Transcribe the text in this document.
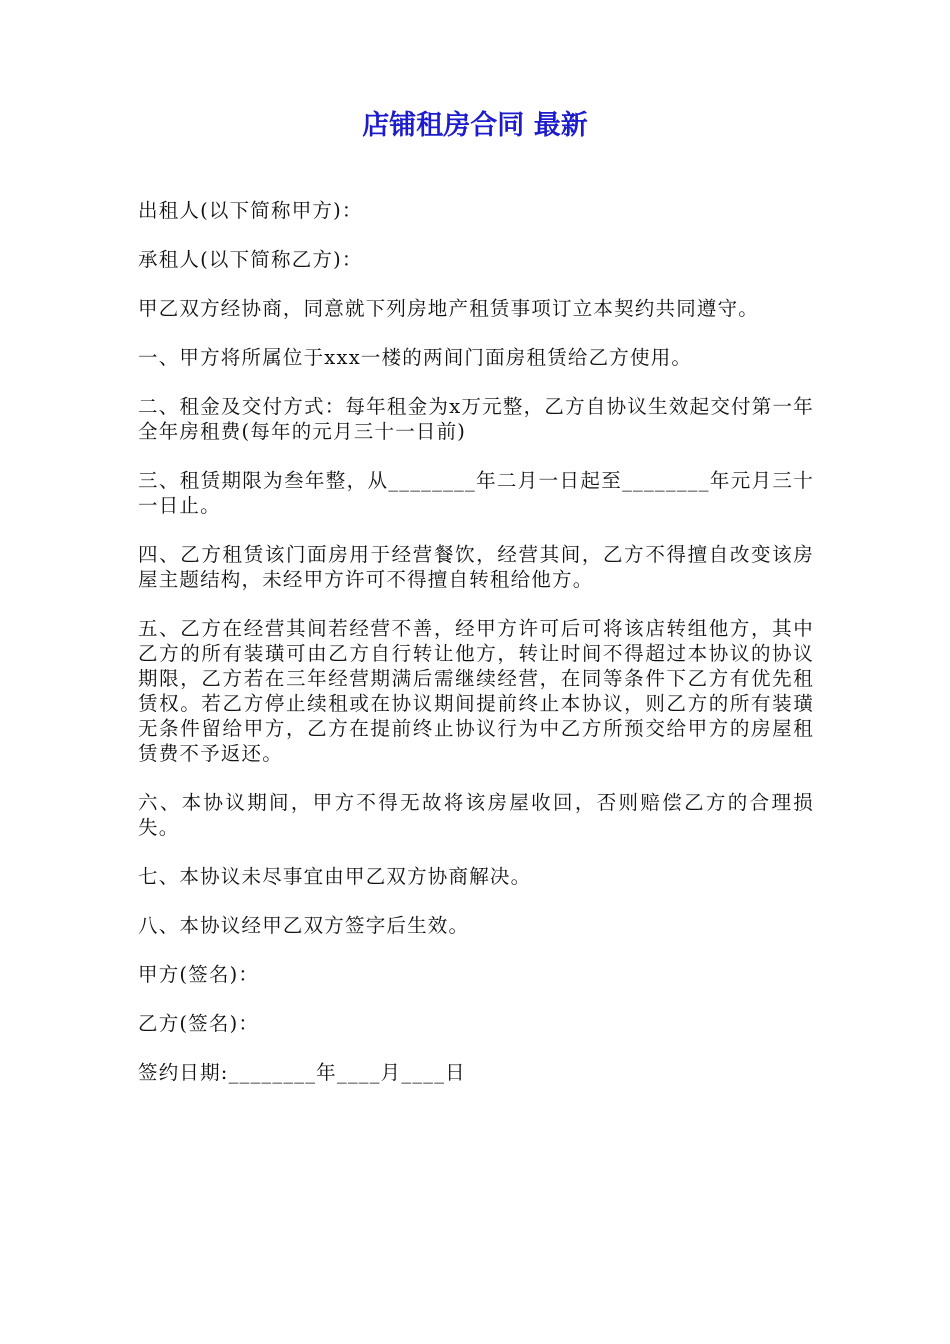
店铺租房合同 最新

出租人(以下简称甲方)：

承租人(以下简称乙方)：

甲乙双方经协商，同意就下列房地产租赁事项订立本契约共同遵守。

一、甲方将所属位于xxx一楼的两间门面房租赁给乙方使用。

二、租金及交付方式：每年租金为x万元整，乙方自协议生效起交付第一年全年房租费(每年的元月三十一日前)

三、租赁期限为叁年整，从________年二月一日起至________年元月三十一日止。

四、乙方租赁该门面房用于经营餐饮，经营其间，乙方不得擅自改变该房屋主题结构，未经甲方许可不得擅自转租给他方。

五、乙方在经营其间若经营不善，经甲方许可后可将该店转组他方，其中乙方的所有装璜可由乙方自行转让他方，转让时间不得超过本协议的协议期限，乙方若在三年经营期满后需继续经营，在同等条件下乙方有优先租赁权。若乙方停止续租或在协议期间提前终止本协议，则乙方的所有装璜无条件留给甲方，乙方在提前终止协议行为中乙方所预交给甲方的房屋租赁费不予返还。

六、本协议期间，甲方不得无故将该房屋收回，否则赔偿乙方的合理损失。

七、本协议未尽事宜由甲乙双方协商解决。

八、本协议经甲乙双方签字后生效。

甲方(签名)：

乙方(签名)：

签约日期:________年____月____日
